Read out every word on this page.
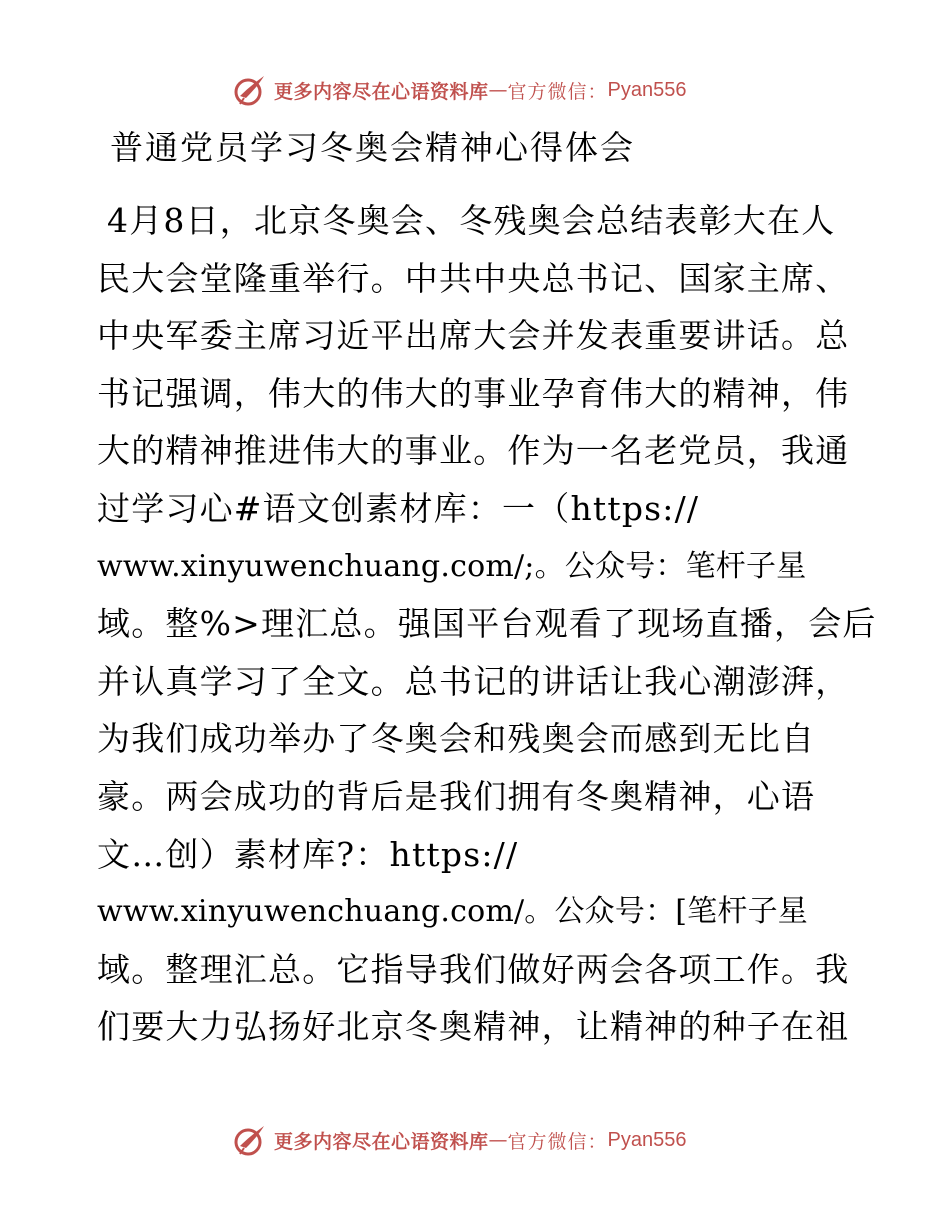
更多内容尽在心语资料库 — 官方微信： Pyan556
普通党员学习冬奥会精神心得体会
4月8日，北京冬奥会、冬残奥会总结表彰大在人
民大会堂隆重举行。中共中央总书记、国家主席、
中央军委主席习近平出席大会并发表重要讲话。总
书记强调，伟大的伟大的事业孕育伟大的精神，伟
大的精神推进伟大的事业。作为一名老党员，我通
过学习心#语文创素材库：一（https://
www.xinyuwenchuang.com/;。公众号：笔杆子星
域。整%>理汇总。强国平台观看了现场直播，会后
并认真学习了全文。总书记的讲话让我心潮澎湃，
为我们成功举办了冬奥会和残奥会而感到无比自
豪。两会成功的背后是我们拥有冬奥精神，心语
文…创）素材库?：https://
www.xinyuwenchuang.com/。公众号：[笔杆子星
域。整理汇总。它指导我们做好两会各项工作。我
们要大力弘扬好北京冬奥精神，让精神的种子在祖
更多内容尽在心语资料库 — 官方微信： Pyan556
